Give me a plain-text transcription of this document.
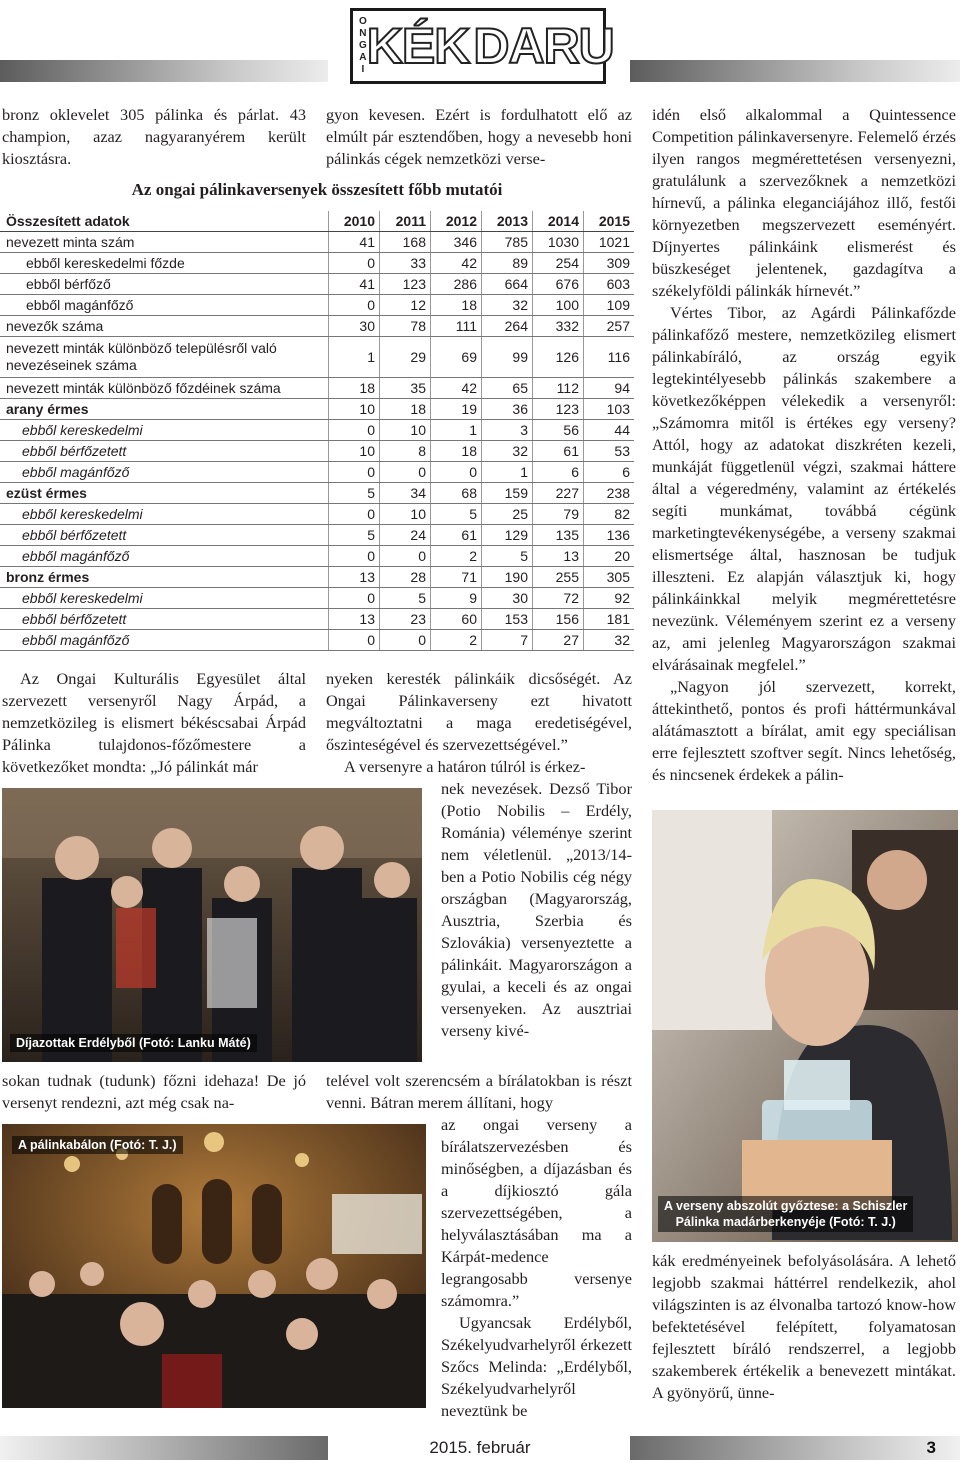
O
N
G
A
I KÉK DARU

bronz oklevelet 305 pálinka és párlat. 43 champion, azaz nagyaranyérem került kiosztásra.

gyon kevesen. Ezért is fordulhatott elő az elmúlt pár esztendőben, hogy a nevesebb honi pálinkás cégek nemzetközi verse-

idén első alkalommal a Quintessence Competition pálinkaversenyre. Felemelő érzés ilyen rangos megmérettetésen versenyezni, gratulálunk a szervezőknek a nemzetközi hírnevű, a pálinka eleganciájához illő, festői környezetben megszervezett eseményért. Díjnyertes pálinkáink elismerést és büszkeséget jelentenek, gazdagítva a székelyföldi pálinkák hírnevét.”

Vértes Tibor, az Agárdi Pálinkafőzde pálinkafőző mestere, nemzetközileg elismert pálinkabíráló, az ország egyik legtekintélyesebb pálinkás szakembere a következőképpen vélekedik a versenyről: „Számomra mitől is értékes egy verseny? Attól, hogy az adatokat diszkréten kezeli, munkáját függetlenül végzi, szakmai háttere által a végeredmény, valamint az értékelés segíti munkámat, továbbá cégünk marketingtevékenységébe, a verseny szakmai elismertsége által, hasznosan be tudjuk illeszteni. Ez alapján választjuk ki, hogy pálinkáinkkal melyik megmérettetésre nevezünk. Véleményem szerint ez a verseny az, ami jelenleg Magyarországon szakmai elvárásainak megfelel.”

„Nagyon jól szervezett, korrekt, áttekinthető, pontos és profi háttérmunkával alátámasztott a bírálat, amit egy speciálisan erre fejlesztett szoftver segít. Nincs lehetőség, és nincsenek érdekek a pálin-

Az ongai pálinkaversenyek összesített főbb mutatói
Összesített adatok	2010	2011	2012	2013	2014	2015
nevezett minta szám	41	168	346	785	1030	1021
ebből kereskedelmi főzde	0	33	42	89	254	309
ebből bérfőző	41	123	286	664	676	603
ebből magánfőző	0	12	18	32	100	109
nevezők száma	30	78	111	264	332	257
nevezett minták különböző településről való nevezéseinek száma	1	29	69	99	126	116
nevezett minták különböző főzdéinek száma	18	35	42	65	112	94
arany érmes	10	18	19	36	123	103
ebből kereskedelmi	0	10	1	3	56	44
ebből bérfőzetett	10	8	18	32	61	53
ebből magánfőző	0	0	0	1	6	6
ezüst érmes	5	34	68	159	227	238
ebből kereskedelmi	0	10	5	25	79	82
ebből bérfőzetett	5	24	61	129	135	136
ebből magánfőző	0	0	2	5	13	20
bronz érmes	13	28	71	190	255	305
ebből kereskedelmi	0	5	9	30	72	92
ebből bérfőzetett	13	23	60	153	156	181
ebből magánfőző	0	0	2	7	27	32

Az Ongai Kulturális Egyesület által szervezett versenyről Nagy Árpád, a nemzetközileg is elismert békéscsabai Árpád Pálinka tulajdonos-főzőmestere a következőket mondta: „Jó pálinkát már

Díjazottak Erdélyből (Fotó: Lanku Máté)

sokan tudnak (tudunk) főzni idehaza! De jó versenyt rendezni, azt még csak na-

A pálinkabálon (Fotó: T. J.)

nyeken keresték pálinkáik dicsőségét. Az Ongai Pálinkaverseny ezt hivatott megváltoztatni a maga eredetiségével, őszinteségével és szervezettségével.”

A versenyre a határon túlról is érkez-

nek nevezések. Dezső Tibor (Potio Nobilis – Erdély, Románia) véleménye szerint nem véletlenül. „2013/14-ben a Potio Nobilis cég négy országban (Magyarország, Ausztria, Szerbia és Szlovákia) versenyeztette a pálinkáit. Magyarországon a gyulai, a keceli és az ongai versenyeken. Az ausztriai verseny kivé-

telével volt szerencsém a bírálatokban is részt venni. Bátran merem állítani, hogy

az ongai verseny a bírálatszervezésben és minőségben, a díjazásban és a díjkiosztó gála szervezettségében, a helyválasztásában ma a Kárpát-medence legrangosabb versenye számomra.”

Ugyancsak Erdélyből, Székelyudvarhelyről érkezett Szőcs Melinda: „Erdélyből, Székelyudvarhelyről neveztünk be

A verseny abszolút győztese: a Schiszler
Pálinka madárberkenyéje (Fotó: T. J.)

kák eredményeinek befolyásolására. A lehető legjobb szakmai háttérrel rendelkezik, ahol világszinten is az élvonalba tartozó know-how befektetésével felépített, folyamatosan fejlesztett bíráló rendszerrel, a legjobb szakemberek értékelik a benevezett mintákat. A gyönyörű, ünne-

2015. február	3
